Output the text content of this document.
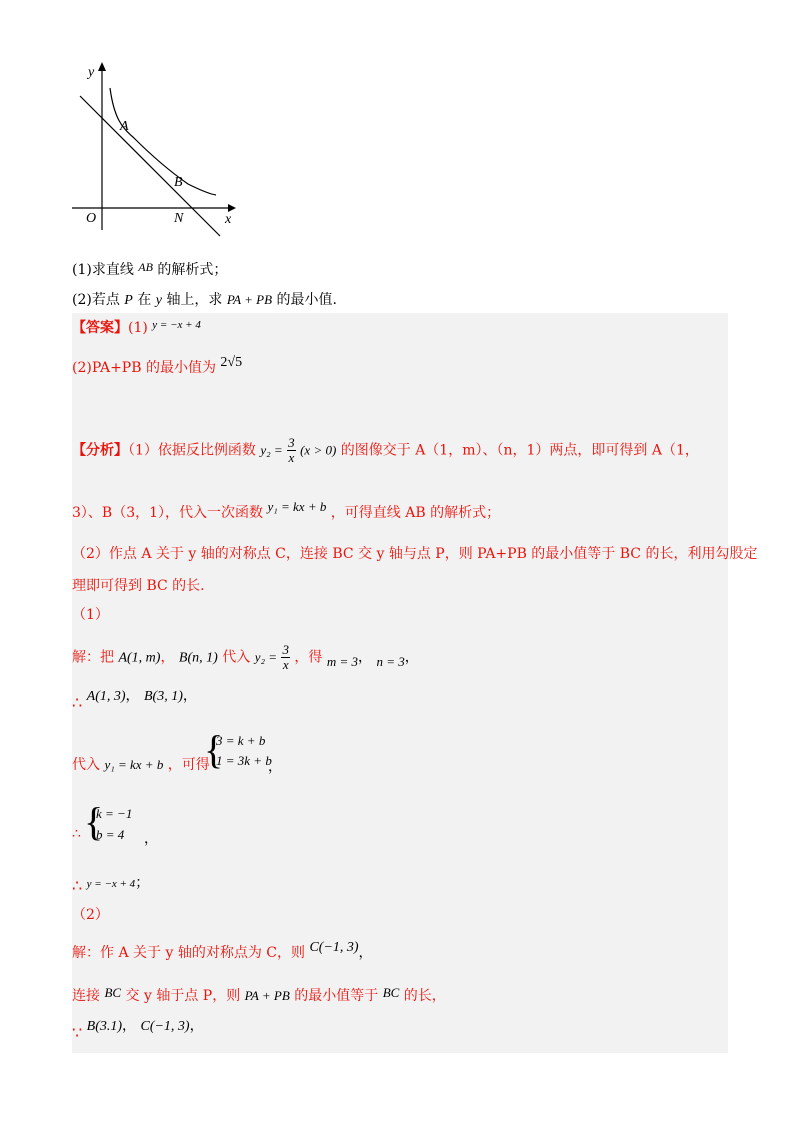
y
x
O
A
B
N
(1)求直线 AB 的解析式；
(2)若点 P 在 y 轴上，求 PA + PB 的最小值.
【答案】(1) $^{y = -x + 4}$
(2)PA+PB 的最小值为 2√5
【分析】（1）依据反比例函数 $y_2 = \frac{3}{x} (x > 0)$ 的图像交于 A（1，m）、（n，1）两点，即可得到 A（1，
3）、B（3，1），代入一次函数 y₁ = kx + b ，可得直线 AB 的解析式；
（2）作点 A 关于 y 轴的对称点 C，连接 BC 交 y 轴与点 P，则 PA+PB 的最小值等于 BC 的长，利用勾股定
理即可得到 BC 的长.
（1）
解：把 A(1, m)， B(n, 1) 代入 $y_2 = \frac{3}{x}$ ，得 m = 3， n = 3，
∴ A(1, 3)， B(3, 1)，
代入 y₁ = kx + b ，可得
{
3 = k + b
1 = 3k + b
，
∴ {
k = −1
b = 4	，
∴ y = −x + 4；
（2）
解：作 A 关于 y 轴的对称点为 C，则 C(−1, 3)，
连接 BC 交 y 轴于点 P，则 PA + PB 的最小值等于 BC 的长，
∵ B(3.1)， C(−1, 3)，
